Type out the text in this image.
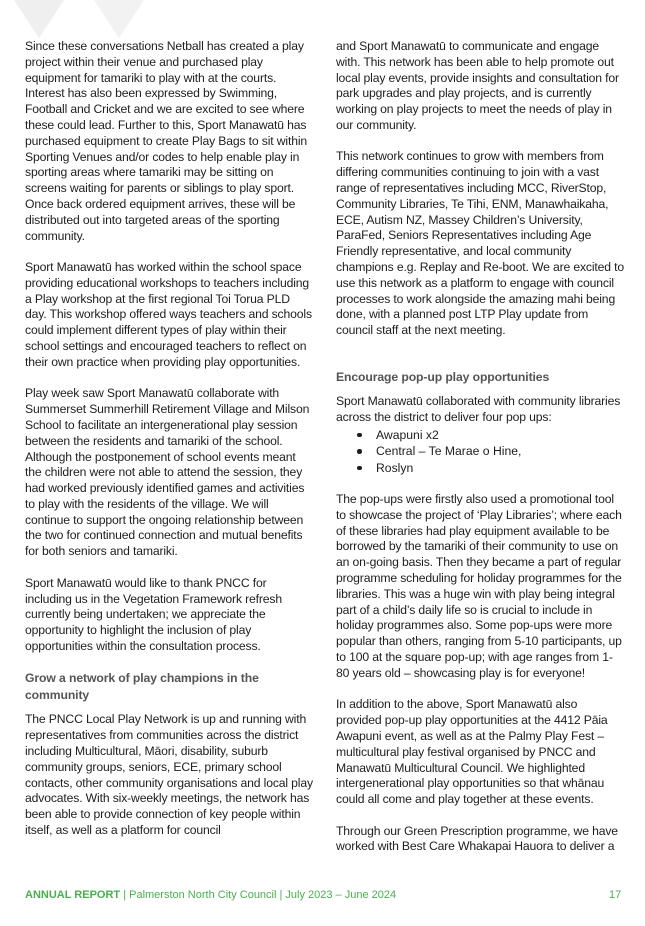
Since these conversations Netball has created a play project within their venue and purchased play equipment for tamariki to play with at the courts. Interest has also been expressed by Swimming, Football and Cricket and we are excited to see where these could lead. Further to this, Sport Manawatū has purchased equipment to create Play Bags to sit within Sporting Venues and/or codes to help enable play in sporting areas where tamariki may be sitting on screens waiting for parents or siblings to play sport. Once back ordered equipment arrives, these will be distributed out into targeted areas of the sporting community.

Sport Manawatū has worked within the school space providing educational workshops to teachers including a Play workshop at the first regional Toi Torua PLD day. This workshop offered ways teachers and schools could implement different types of play within their school settings and encouraged teachers to reflect on their own practice when providing play opportunities.

Play week saw Sport Manawatū collaborate with Summerset Summerhill Retirement Village and Milson School to facilitate an intergenerational play session between the residents and tamariki of the school. Although the postponement of school events meant the children were not able to attend the session, they had worked previously identified games and activities to play with the residents of the village. We will continue to support the ongoing relationship between the two for continued connection and mutual benefits for both seniors and tamariki.

Sport Manawatū would like to thank PNCC for including us in the Vegetation Framework refresh currently being undertaken; we appreciate the opportunity to highlight the inclusion of play opportunities within the consultation process.

Grow a network of play champions in the community

The PNCC Local Play Network is up and running with representatives from communities across the district including Multicultural, Māori, disability, suburb community groups, seniors, ECE, primary school contacts, other community organisations and local play advocates. With six-weekly meetings, the network has been able to provide connection of key people within itself, as well as a platform for council

and Sport Manawatū to communicate and engage with. This network has been able to help promote out local play events, provide insights and consultation for park upgrades and play projects, and is currently working on play projects to meet the needs of play in our community.

This network continues to grow with members from differing communities continuing to join with a vast range of representatives including MCC, RiverStop, Community Libraries, Te Tihi, ENM, Manawhaikaha, ECE, Autism NZ, Massey Children’s University, ParaFed, Seniors Representatives including Age Friendly representative, and local community champions e.g. Replay and Re-boot. We are excited to use this network as a platform to engage with council processes to work alongside the amazing mahi being done, with a planned post LTP Play update from council staff at the next meeting.

Encourage pop-up play opportunities

Sport Manawatū collaborated with community libraries across the district to deliver four pop ups:

Awapuni x2
Central – Te Marae o Hine,
Roslyn

The pop-ups were firstly also used a promotional tool to showcase the project of ‘Play Libraries’; where each of these libraries had play equipment available to be borrowed by the tamariki of their community to use on an on-going basis. Then they became a part of regular programme scheduling for holiday programmes for the libraries. This was a huge win with play being integral part of a child’s daily life so is crucial to include in holiday programmes also. Some pop-ups were more popular than others, ranging from 5-10 participants, up to 100 at the square pop-up; with age ranges from 1-80 years old – showcasing play is for everyone!

In addition to the above, Sport Manawatū also provided pop-up play opportunities at the 4412 Pāia Awapuni event, as well as at the Palmy Play Fest – multicultural play festival organised by PNCC and Manawatū Multicultural Council. We highlighted intergenerational play opportunities so that whānau could all come and play together at these events.

Through our Green Prescription programme, we have worked with Best Care Whakapai Hauora to deliver a

ANNUAL REPORT | Palmerston North City Council | July 2023 – June 2024	17
